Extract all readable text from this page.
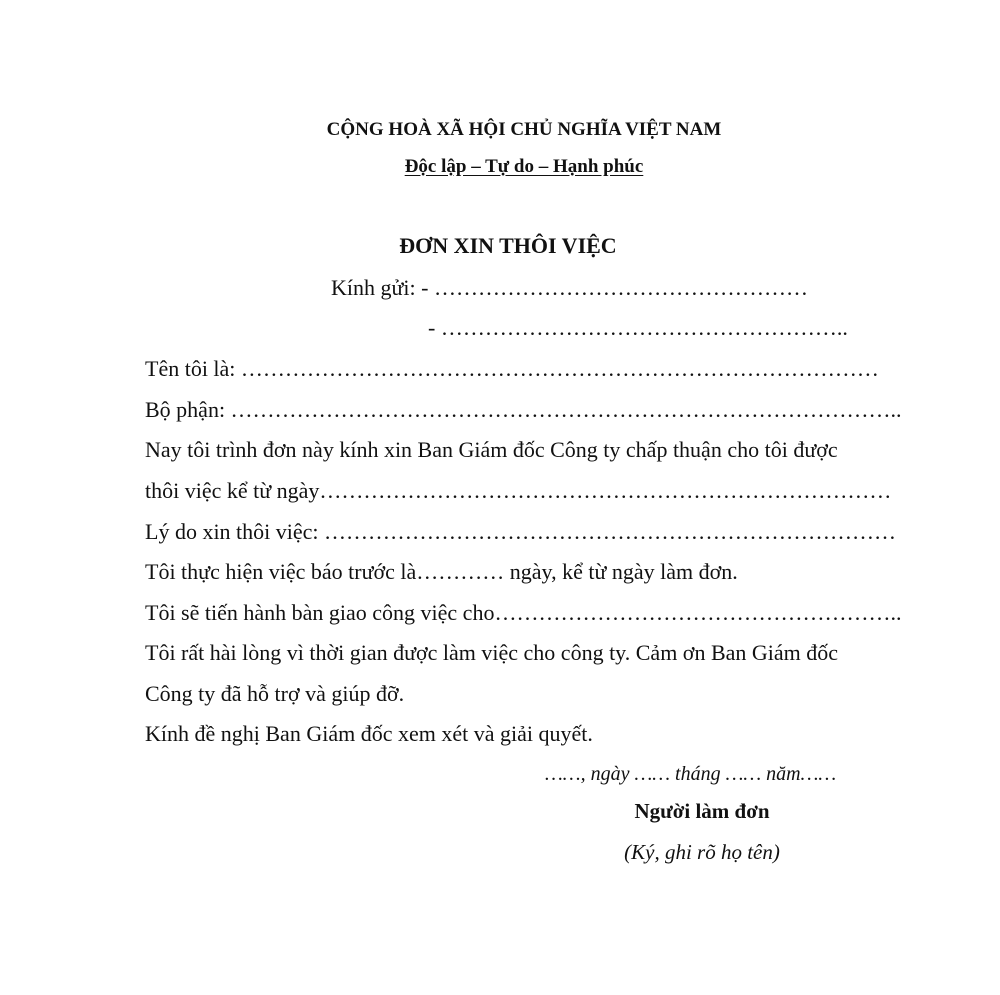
CỘNG HOÀ XÃ HỘI CHỦ NGHĨA VIỆT NAM
Độc lập – Tự do – Hạnh phúc
ĐƠN XIN THÔI VIỆC
Kính gửi: - ……………………………………………
- ………………………………………………..
Tên tôi là: ……………………………………………………………………………
Bộ phận: ………………………………………………………………………………..
Nay tôi trình đơn này kính xin Ban Giám đốc Công ty chấp thuận cho tôi được
thôi việc kể từ ngày……………………………………………………………………
Lý do xin thôi việc: ……………………………………………………………………
Tôi thực hiện việc báo trước là………… ngày, kể từ ngày làm đơn.
Tôi sẽ tiến hành bàn giao công việc cho………………………………………………..
Tôi rất hài lòng vì thời gian được làm việc cho công ty. Cảm ơn Ban Giám đốc
Công ty đã hỗ trợ và giúp đỡ.
Kính đề nghị Ban Giám đốc xem xét và giải quyết.
……, ngày …… tháng …… năm……
Người làm đơn
(Ký, ghi rõ họ tên)
